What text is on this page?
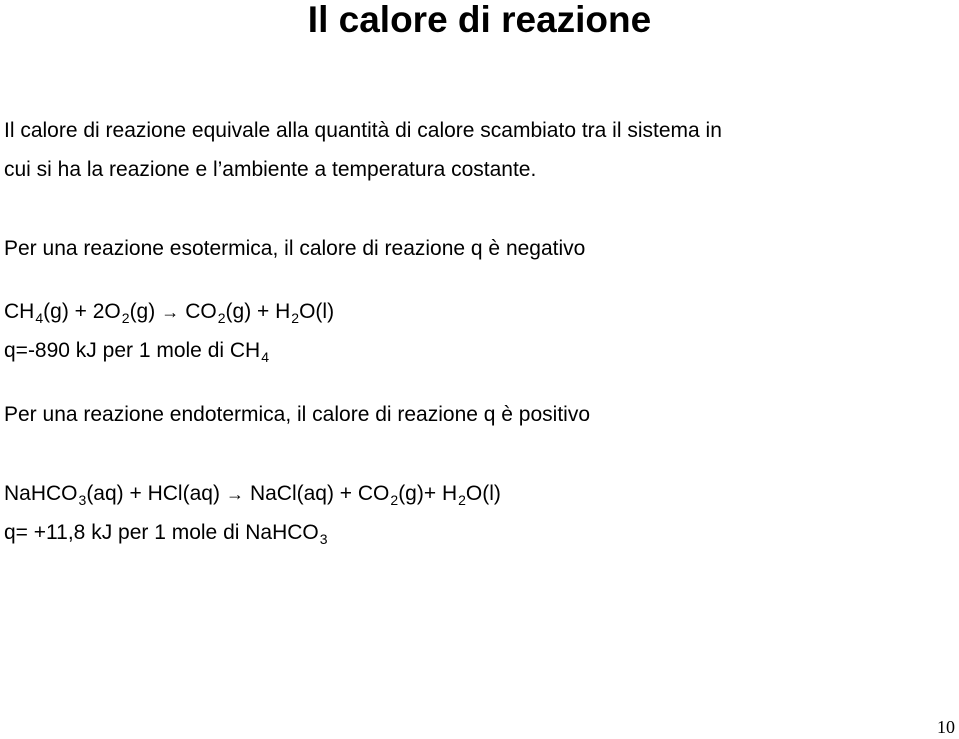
Il calore di reazione

Il calore di reazione equivale alla quantità di calore scambiato tra il sistema in

cui si ha la reazione e l’ambiente a temperatura costante.

Per una reazione esotermica, il calore di reazione q è negativo

$CH_4(g) + 2O_2(g) \to CO_2(g) + H_2O(l)$

q=-890 kJ per 1 mole di $CH_4$

Per una reazione endotermica, il calore di reazione q è positivo

NaHCO$_3$(aq) + HCl(aq) → NaCl(aq) + $CO_2(g)+ H_2O(l)$

q= +11,8 kJ per 1 mole di NaHCO$_3$

10
